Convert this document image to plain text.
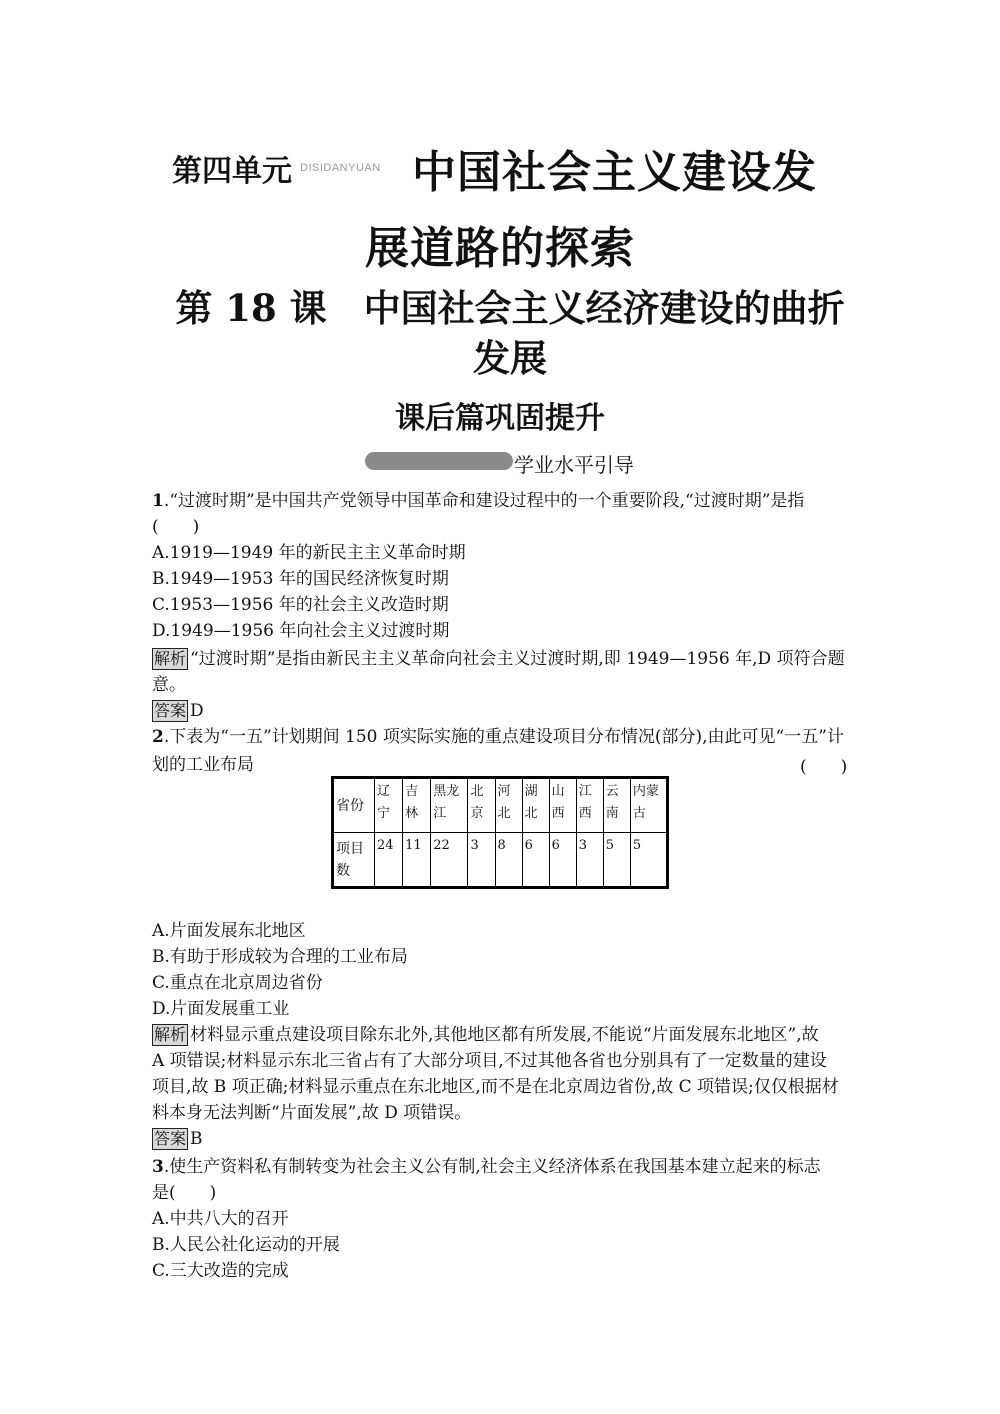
第四单元 DISIDANYUAN 中国社会主义建设发
展道路的探索
第 18 课　中国社会主义经济建设的曲折发展
课后篇巩固提升
学业水平引导
1.“过渡时期”是中国共产党领导中国革命和建设过程中的一个重要阶段,“过渡时期”是指
(　　)
A.1919—1949 年的新民主主义革命时期
B.1949—1953 年的国民经济恢复时期
C.1953—1956 年的社会主义改造时期
D.1949—1956 年向社会主义过渡时期
解析 “过渡时期”是指由新民主主义革命向社会主义过渡时期,即 1949—1956 年,D 项符合题
意。
答案 D
2.下表为“一五”计划期间 150 项实际实施的重点建设项目分布情况(部分),由此可见“一五”计
划的工业布局	(　　)
省份	辽宁	吉林	黑龙江	北京	河北	湖北	山西	江西	云南	内蒙古
项目数	24	11	22	3	8	6	6	3	5	5
A.片面发展东北地区
B.有助于形成较为合理的工业布局
C.重点在北京周边省份
D.片面发展重工业
解析 材料显示重点建设项目除东北外,其他地区都有所发展,不能说“片面发展东北地区”,故
A 项错误;材料显示东北三省占有了大部分项目,不过其他各省也分别具有了一定数量的建设
项目,故 B 项正确;材料显示重点在东北地区,而不是在北京周边省份,故 C 项错误;仅仅根据材
料本身无法判断“片面发展”,故 D 项错误。
答案 B
3.使生产资料私有制转变为社会主义公有制,社会主义经济体系在我国基本建立起来的标志
是(　　)
A.中共八大的召开
B.人民公社化运动的开展
C.三大改造的完成
